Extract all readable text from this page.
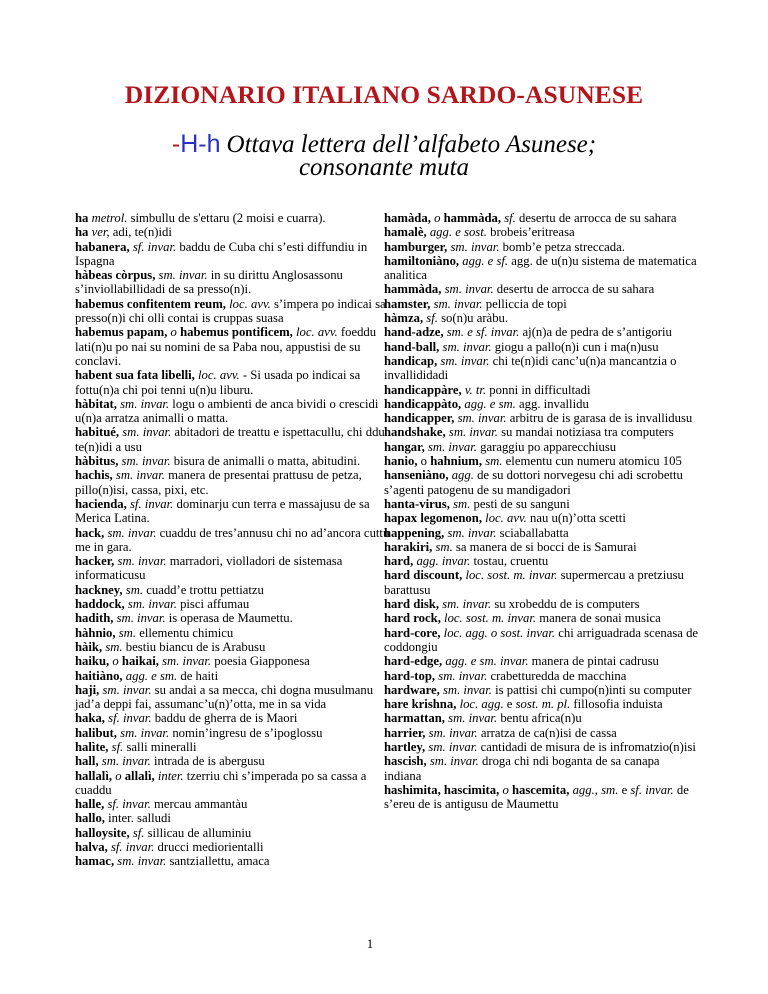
DIZIONARIO ITALIANO SARDO-ASUNESE
-H-h Ottava lettera dell’alfabeto Asunese;
consonante muta
ha metrol. simbullu de s'ettaru (2 moisi e cuarra).
ha ver, adi, te(n)idi
habanera, sf. invar. baddu de Cuba chi s’esti diffundiu in Ispagna
hàbeas còrpus, sm. invar. in su dirittu Anglosassonu s’inviollabillidadi de sa presso(n)i.
habemus confitentem reum, loc. avv. s’impera po indicai sa presso(n)i chi olli contai is cruppas suasa
habemus papam, o habemus pontificem, loc. avv. foeddu lati(n)u po nai su nomini de sa Paba nou, appustisi de su conclavi.
habent sua fata libelli, loc. avv. - Si usada po indicai sa fottu(n)a chi poi tenni u(n)u liburu.
hàbitat, sm. invar. logu o ambienti de anca bividi o crescidi u(n)a arratza animalli o matta.
habitué, sm. invar. abitadori de treattu e ispettacullu, chi ddu te(n)idi a usu
hàbitus, sm. invar. bisura de animalli o matta, abitudini.
hachis, sm. invar. manera de presentai prattusu de petza, pillo(n)isi, cassa, pixi, etc.
hacienda, sf. invar. dominarju cun terra e massajusu de sa Merica Latina.
hack, sm. invar. cuaddu de tres’annusu chi no ad’ancora cuttu me in gara.
hacker, sm. invar. marradori, violladori de sistemasa informaticusu
hackney, sm. cuadd’e trottu pettiatzu
haddock, sm. invar. pisci affumau
hadith, sm. invar. is operasa de Maumettu.
hàhnio, sm. ellementu chimicu
hàik, sm. bestiu biancu de is Arabusu
haiku, o haikai, sm. invar. poesia Giapponesa
haitiàno, agg. e sm. de haiti
haji, sm. invar. su andai a sa mecca, chi dogna musulmanu jad’a deppi fai, assumanc’u(n)’otta, me in sa vida
haka, sf. invar. baddu de gherra de is Maori
halibut, sm. invar. nomin’ingresu de s’ipoglossu
halìte, sf. salli mineralli
hall, sm. invar. intrada de is abergusu
hallalì, o allalì, inter. tzerriu chi s’imperada po sa cassa a cuaddu
halle, sf. invar. mercau ammantàu
hallo, inter. salludi
halloysite, sf. sillicau de alluminiu
halva, sf. invar. drucci mediorientalli
hamac, sm. invar. santziallettu, amaca
hamàda, o hammàda, sf. desertu de arrocca de su sahara
hamalè, agg. e sost. brobeis’eritreasa
hamburger, sm. invar. bomb’e petza streccada.
hamiltoniàno, agg. e sf. agg. de u(n)u sistema de matematica analitica
hammàda, sm. invar. desertu de arrocca de su sahara
hamster, sm. invar. pelliccia de topi
hàmza, sf. so(n)u aràbu.
hand-adze, sm. e sf. invar. aj(n)a de pedra de s’antigoriu
hand-ball, sm. invar. giogu a pallo(n)i cun i ma(n)usu
handicap, sm. invar. chi te(n)idi canc’u(n)a mancantzia o invallididadi
handicappàre, v. tr. ponni in difficultadi
handicappàto, agg. e sm. agg. invallidu
handicapper, sm. invar. arbitru de is garasa de is invallidusu
handshake, sm. invar. su mandai notiziasa tra computers
hangar, sm. invar. garaggiu po apparecchiusu
hanio, o hahnium, sm. elementu cun numeru atomicu 105
hanseniàno, agg. de su dottori norvegesu chi adi scrobettu s’agenti patogenu de su mandigadori
hanta-virus, sm. pesti de su sanguni
hapax legomenon, loc. avv. nau u(n)’otta scetti
happening, sm. invar. sciaballabatta
harakiri, sm. sa manera de si bocci de is Samurai
hard, agg. invar. tostau, cruentu
hard discount, loc. sost. m. invar. supermercau a pretziusu barattusu
hard disk, sm. invar. su xrobeddu de is computers
hard rock, loc. sost. m. invar. manera de sonai musica
hard-core, loc. agg. o sost. invar. chi arriguadrada scenasa de coddongiu
hard-edge, agg. e sm. invar. manera de pintai cadrusu
hard-top, sm. invar. crabetturedda de macchina
hardware, sm. invar. is pattisi chi cumpo(n)inti su computer
hare krishna, loc. agg. e sost. m. pl. fillosofia induista
harmattan, sm. invar. bentu africa(n)u
harrier, sm. invar. arratza de ca(n)isi de cassa
hartley, sm. invar. cantidadi de misura de is infromatzio(n)isi
hascish, sm. invar. droga chi ndi boganta de sa canapa indiana
hashimita, hascimita, o hascemita, agg., sm. e sf. invar. de s’ereu de is antigusu de Maumettu
1
